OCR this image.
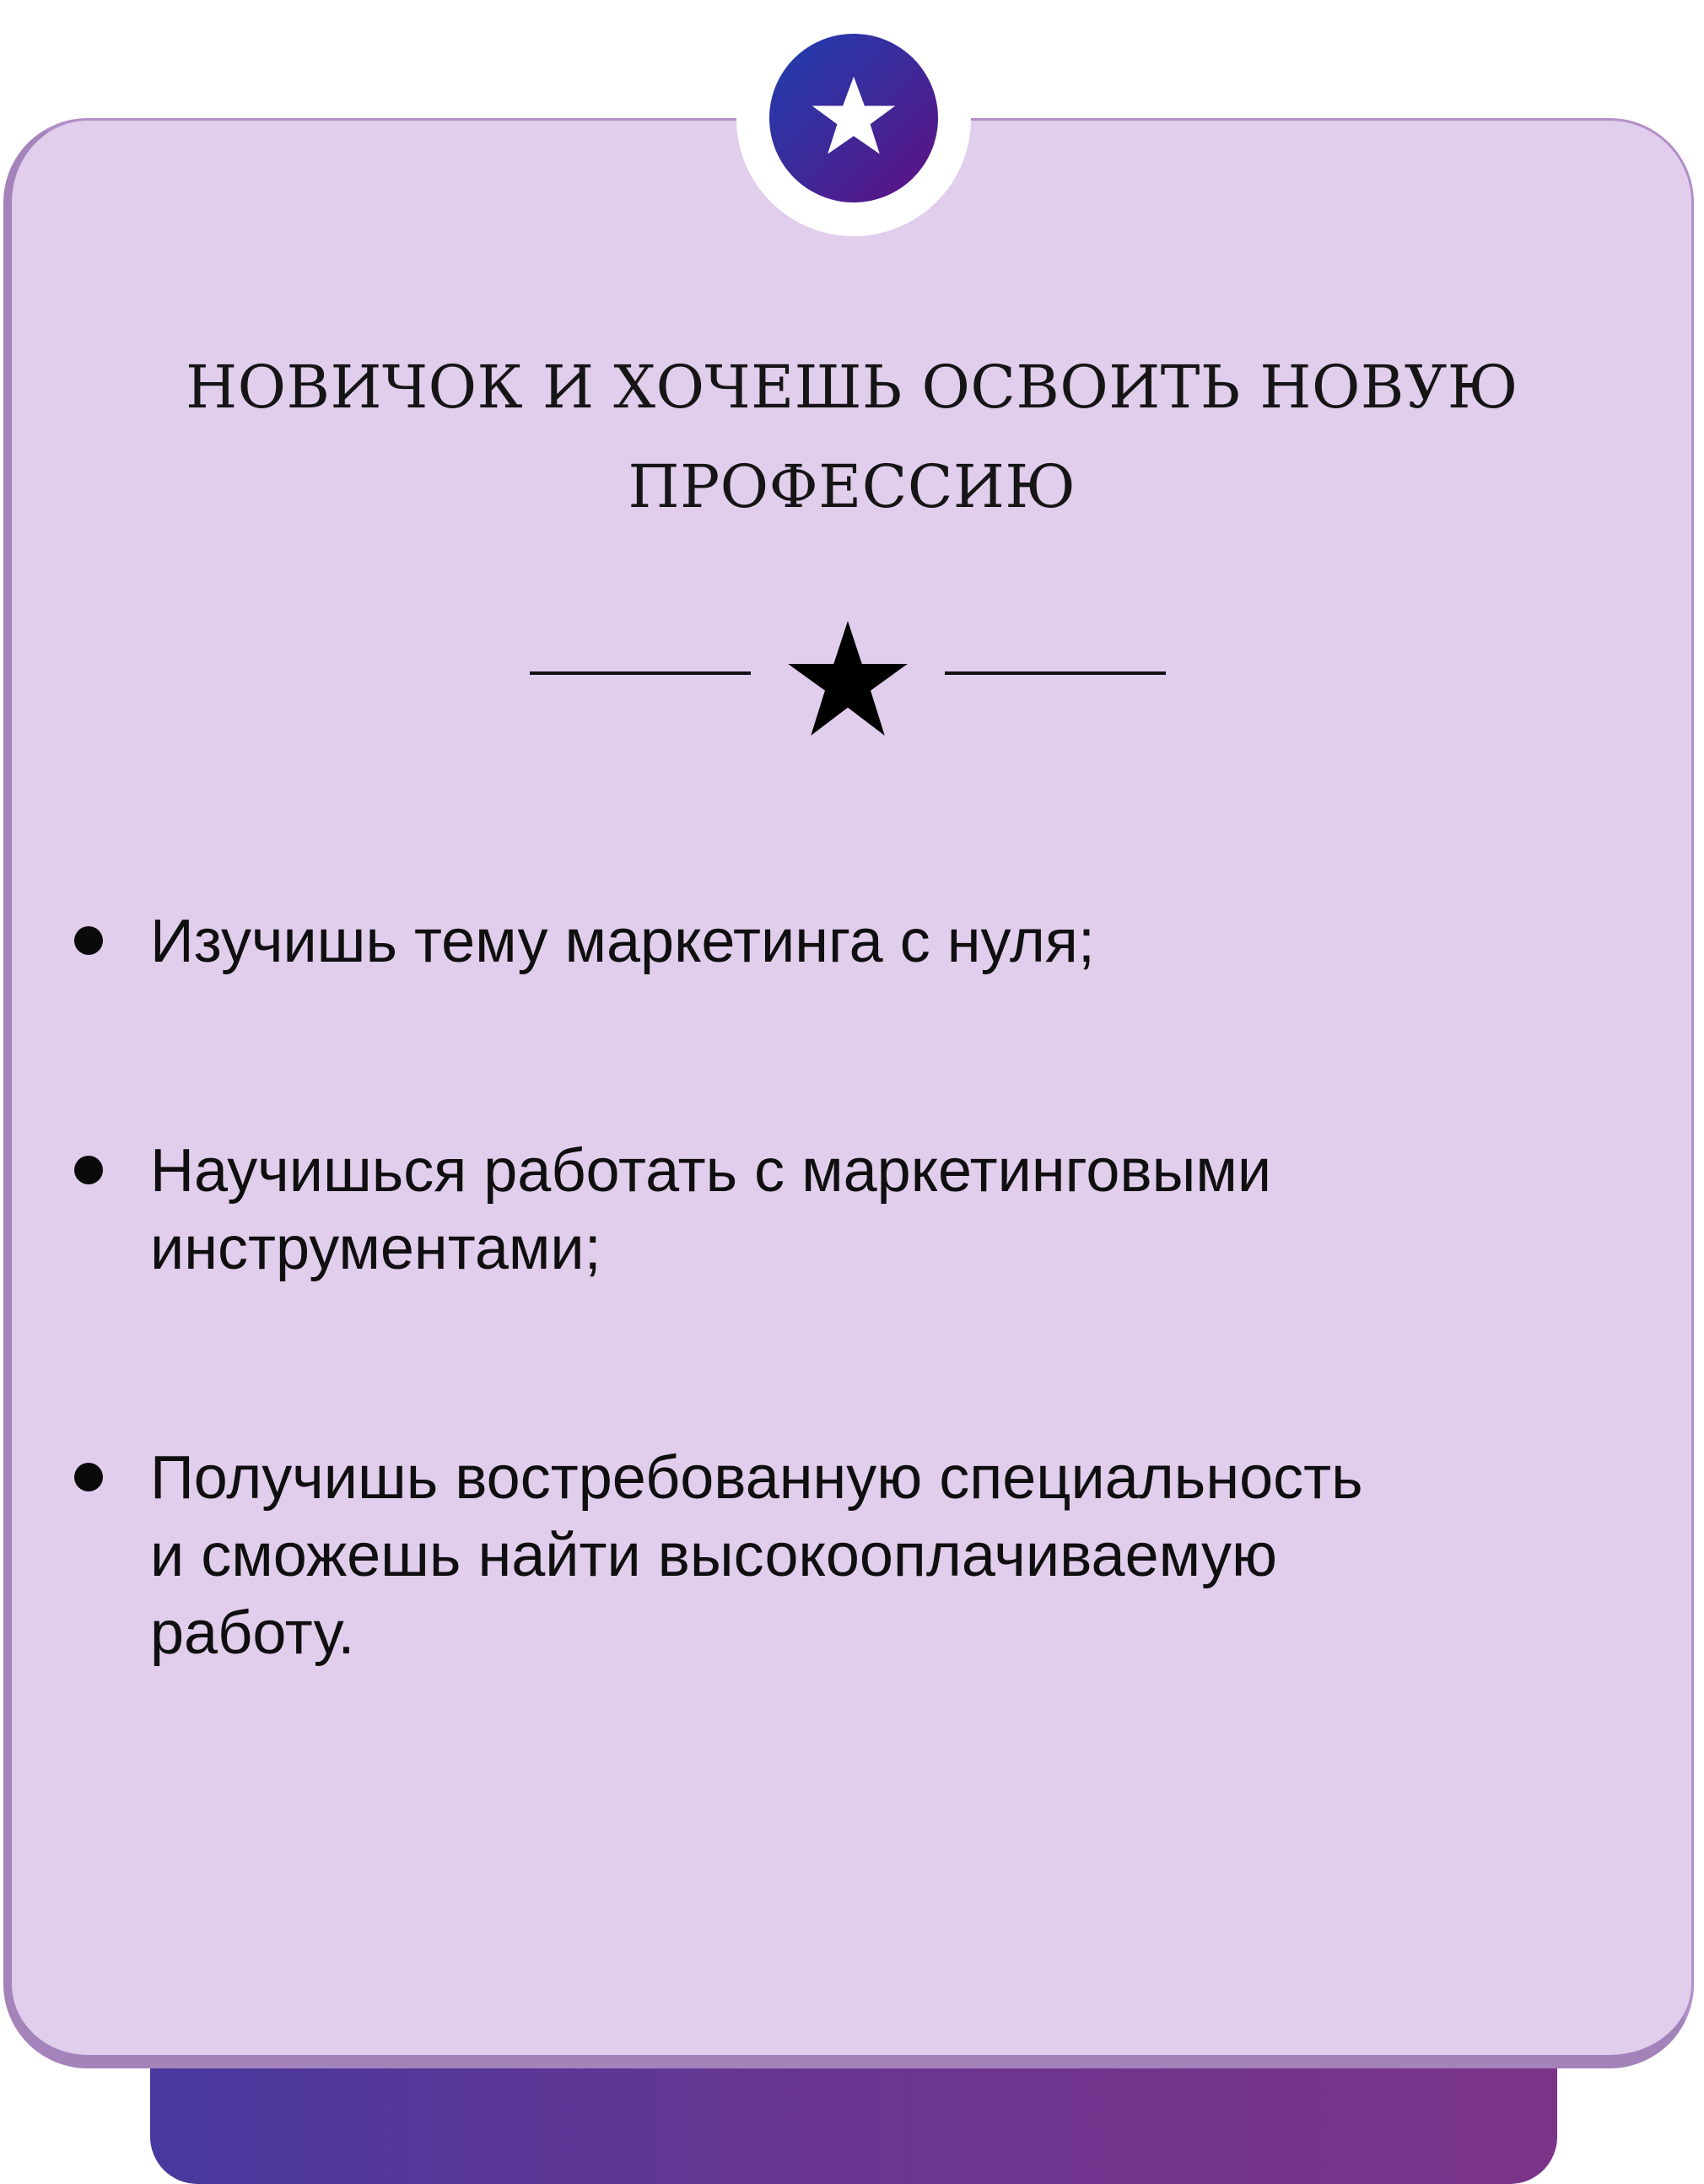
НОВИЧОК И ХОЧЕШЬ ОСВОИТЬ НОВУЮ
ПРОФЕССИЮ
Изучишь тему маркетинга с нуля;
Научишься работать с маркетинговыми
инструментами;
Получишь востребованную специальность
и сможешь найти высокооплачиваемую
работу.
